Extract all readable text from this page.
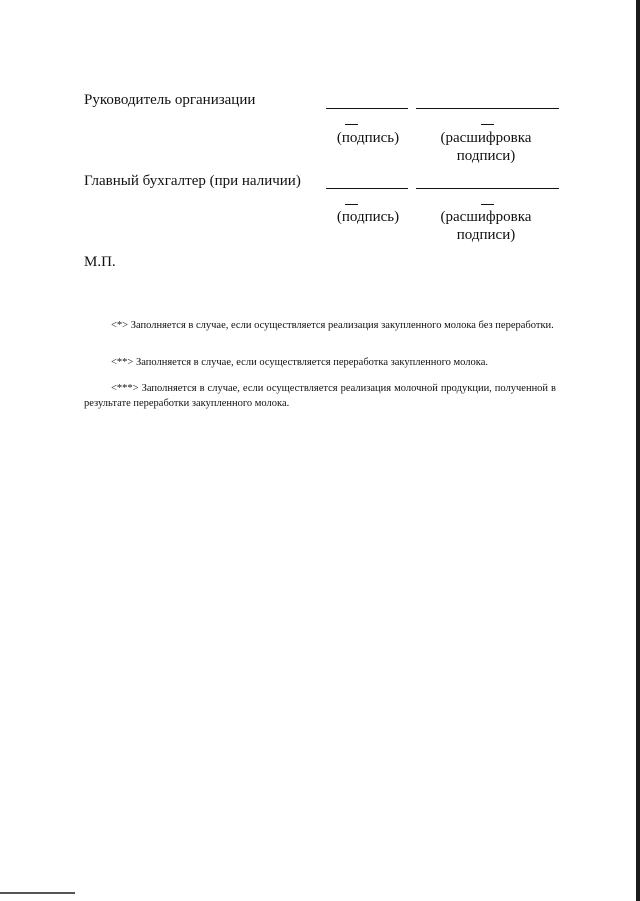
Руководитель организации
(подпись)	(расшифровка
подписи)
Главный бухгалтер (при наличии)
(подпись)	(расшифровка
подписи)
М.П.

<*> Заполняется в случае, если осуществляется реализация закупленного молока без переработки.

<**> Заполняется в случае, если осуществляется переработка закупленного молока.

<***> Заполняется в случае, если осуществляется реализация молочной продукции, полученной в результате переработки закупленного молока.
